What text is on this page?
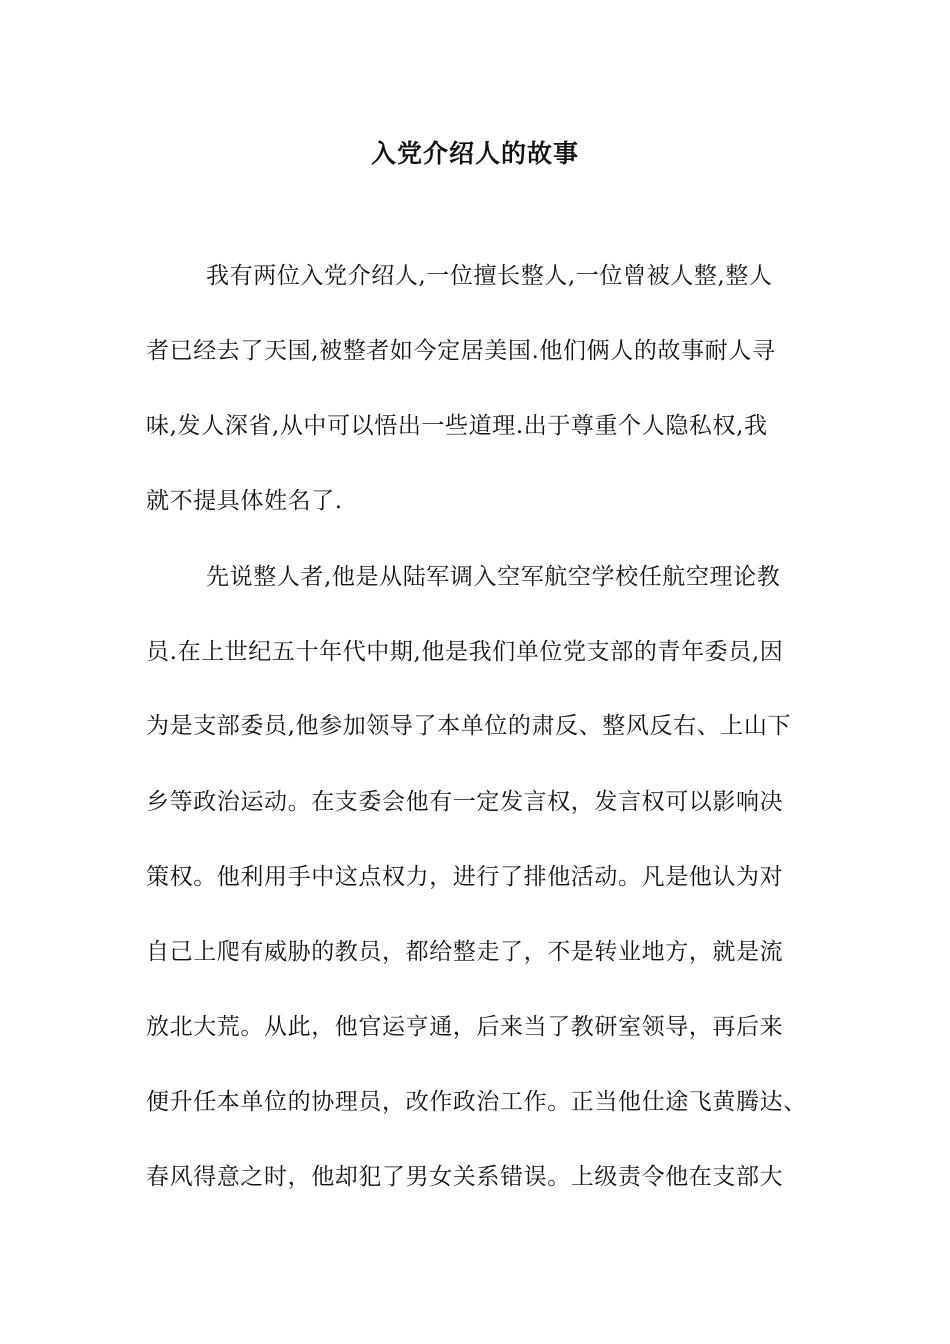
入党介绍人的故事
我有两位入党介绍人,一位擅长整人,一位曾被人整,整人
者已经去了天国,被整者如今定居美国.他们俩人的故事耐人寻
味,发人深省,从中可以悟出一些道理.出于尊重个人隐私权,我
就不提具体姓名了.
先说整人者,他是从陆军调入空军航空学校任航空理论教
员.在上世纪五十年代中期,他是我们单位党支部的青年委员,因
为是支部委员,他参加领导了本单位的肃反、整风反右、上山下
乡等政治运动。在支委会他有一定发言权，发言权可以影响决
策权。他利用手中这点权力，进行了排他活动。凡是他认为对
自己上爬有威胁的教员，都给整走了，不是转业地方，就是流
放北大荒。从此，他官运亨通，后来当了教研室领导，再后来
便升任本单位的协理员，改作政治工作。正当他仕途飞黄腾达、
春风得意之时，他却犯了男女关系错误。上级责令他在支部大
